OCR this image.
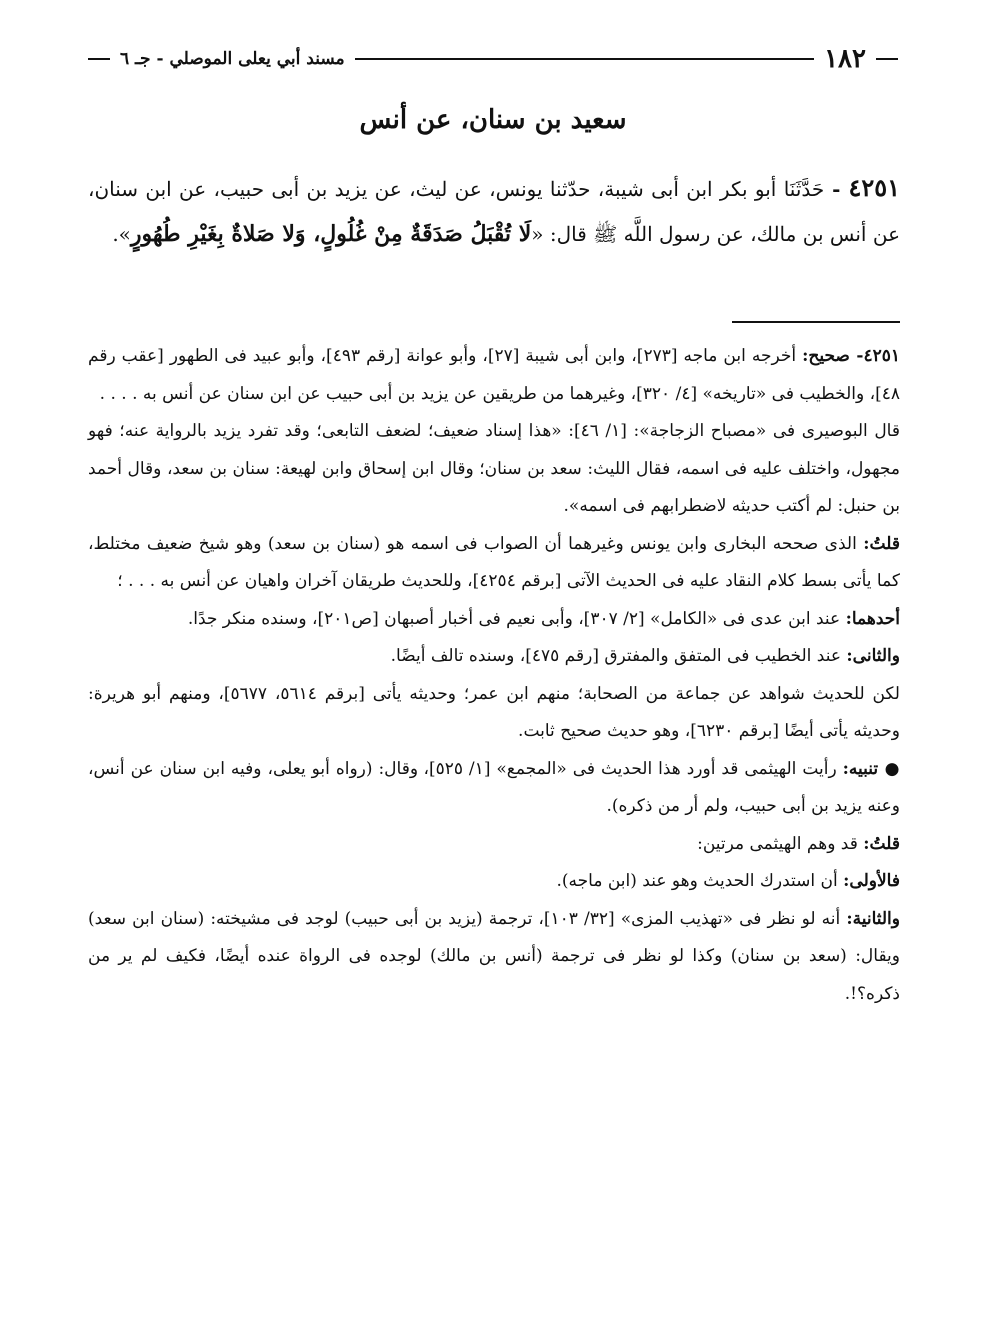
مسند أبي يعلى الموصلي - جـ ٦	١٨٢
سعيد بن سنان، عن أنس
٤٢٥١ - حَدَّثَنَا أبو بكر ابن أبى شيبة، حدّثنا يونس، عن ليث، عن يزيد بن أبى حبيب، عن ابن سنان، عن أنس بن مالك، عن رسول اللَّه ﷺ قال: «لَا تُقْبَلُ صَدَقَةٌ مِنْ غُلُولٍ، وَلا صَلاةٌ بِغَيْرِ طُهُورٍ».

٤٢٥١- صحيح: أخرجه ابن ماجه [٢٧٣]، وابن أبى شيبة [٢٧]، وأبو عوانة [رقم ٤٩٣]، وأبو عبيد فى الطهور [عقب رقم ٤٨]، والخطيب فى «تاريخه» [٤/ ٣٢٠]، وغيرهما من طريقين عن يزيد بن أبى حبيب عن ابن سنان عن أنس به . . . .

قال البوصيرى فى «مصباح الزجاجة»: [١/ ٤٦]: «هذا إسناد ضعيف؛ لضعف التابعى؛ وقد تفرد يزيد بالرواية عنه؛ فهو مجهول، واختلف عليه فى اسمه، فقال الليث: سعد بن سنان؛ وقال ابن إسحاق وابن لهيعة: سنان بن سعد، وقال أحمد بن حنبل: لم أكتب حديثه لاضطرابهم فى اسمه».

قلتُ: الذى صححه البخارى وابن يونس وغيرهما أن الصواب فى اسمه هو (سنان بن سعد) وهو شيخ ضعيف مختلط، كما يأتى بسط كلام النقاد عليه فى الحديث الآتى [برقم ٤٢٥٤]، وللحديث طريقان آخران واهيان عن أنس به . . . ؛

أحدهما: عند ابن عدى فى «الكامل» [٢/ ٣٠٧]، وأبى نعيم فى أخبار أصبهان [ص٢٠١]، وسنده منكر جدًا.

والثانى: عند الخطيب فى المتفق والمفترق [رقم ٤٧٥]، وسنده تالف أيضًا.

لكن للحديث شواهد عن جماعة من الصحابة؛ منهم ابن عمر؛ وحديثه يأتى [برقم ٥٦١٤، ٥٦٧٧]، ومنهم أبو هريرة: وحديثه يأتى أيضًا [برقم ٦٢٣٠]، وهو حديث صحيح ثابت.

● تنبيه: رأيت الهيثمى قد أورد هذا الحديث فى «المجمع» [١/ ٥٢٥]، وقال: (رواه أبو يعلى، وفيه ابن سنان عن أنس، وعنه يزيد بن أبى حبيب، ولم أر من ذكره).

قلتُ: قد وهم الهيثمى مرتين:

فالأولى: أن استدرك الحديث وهو عند (ابن ماجه).

والثانية: أنه لو نظر فى «تهذيب المزى» [٣٢/ ١٠٣]، ترجمة (يزيد بن أبى حبيب) لوجد فى مشيخته: (سنان ابن سعد) ويقال: (سعد بن سنان) وكذا لو نظر فى ترجمة (أنس بن مالك) لوجده فى الرواة عنده أيضًا، فكيف لم ير من ذكره؟!.
